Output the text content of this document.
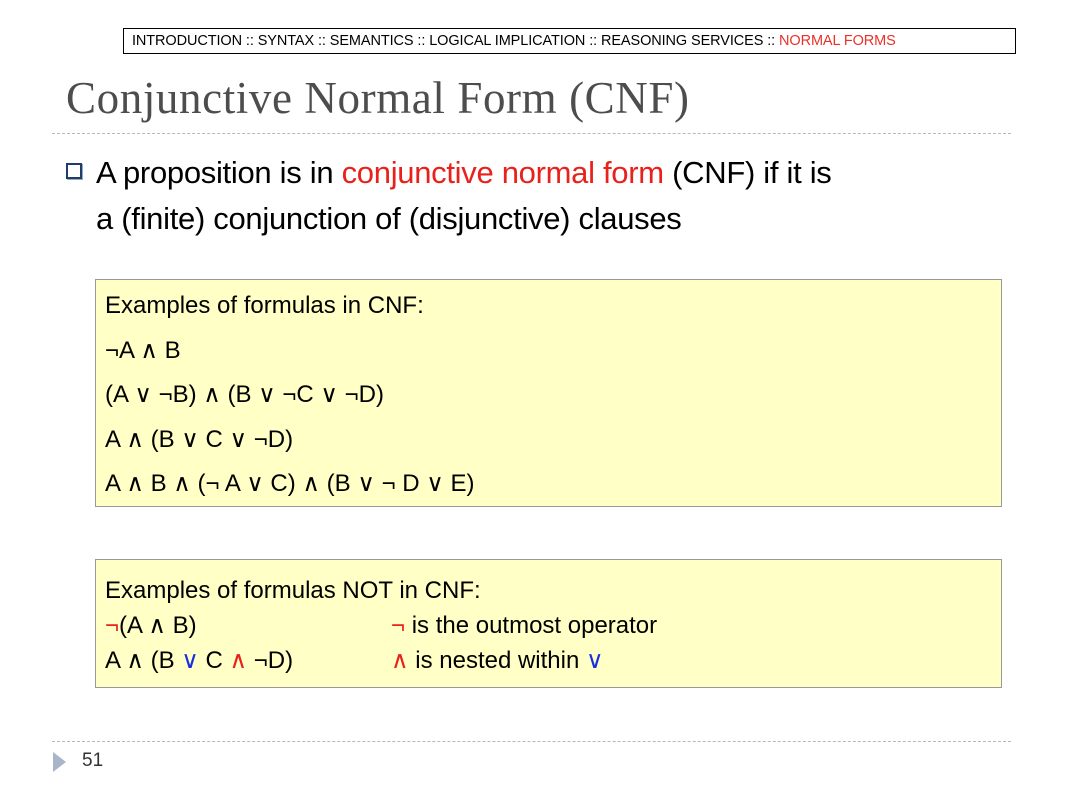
INTRODUCTION :: SYNTAX :: SEMANTICS :: LOGICAL IMPLICATION :: REASONING SERVICES :: NORMAL FORMS
Conjunctive Normal Form (CNF)
A proposition is in conjunctive normal form (CNF) if it is
a (finite) conjunction of (disjunctive) clauses
Examples of formulas in CNF:
¬A ∧ B
(A ∨ ¬B) ∧ (B ∨ ¬C ∨ ¬D)
A ∧ (B ∨ C ∨ ¬D)
A ∧ B ∧ (¬ A ∨ C) ∧ (B ∨ ¬ D ∨ E)
Examples of formulas NOT in CNF:
¬(A ∧ B)	¬ is the outmost operator
A ∧ (B ∨ C ∧ ¬D)	∧ is nested within ∨
51
